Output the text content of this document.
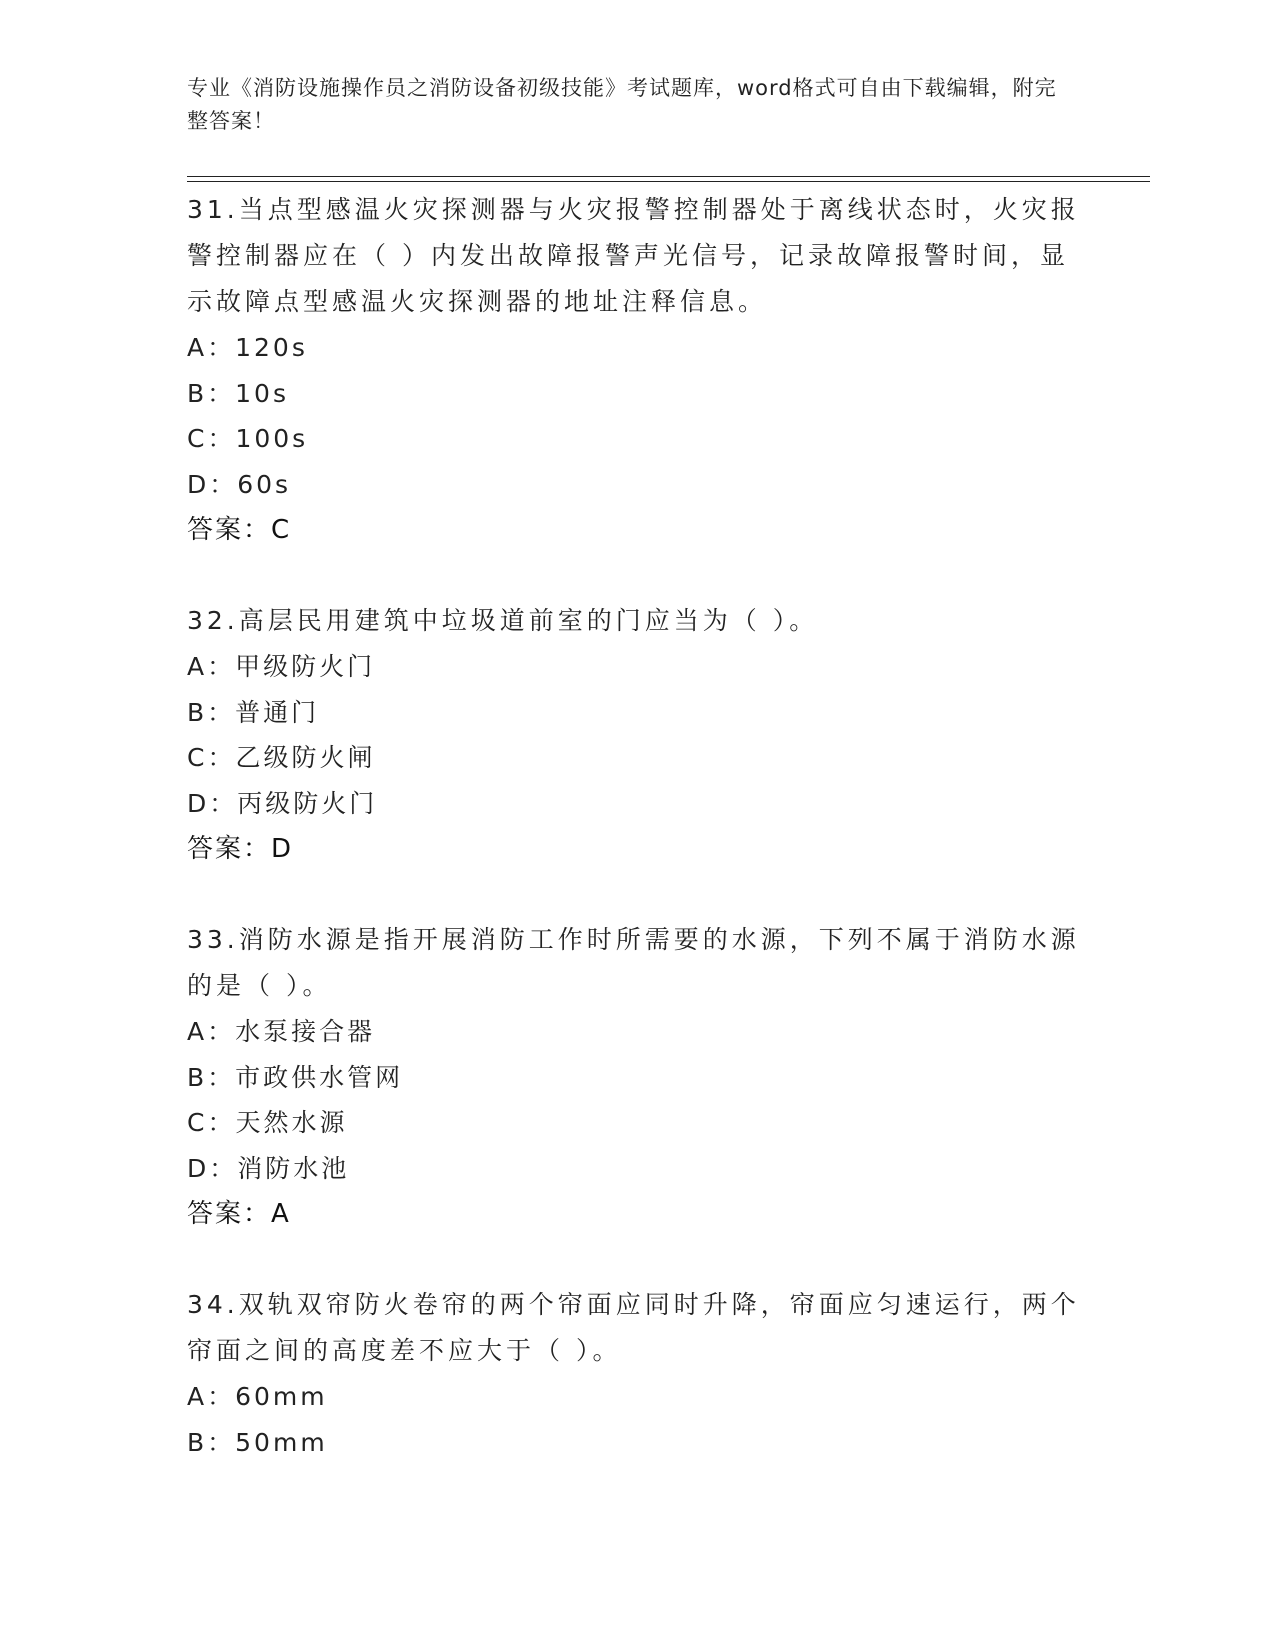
专业《消防设施操作员之消防设备初级技能》考试题库，word格式可自由下载编辑，附完整答案！
31.当点型感温火灾探测器与火灾报警控制器处于离线状态时，火灾报警控制器应在（ ）内发出故障报警声光信号，记录故障报警时间，显示故障点型感温火灾探测器的地址注释信息。
A：120s
B：10s
C：100s
D：60s
答案：C
32.高层民用建筑中垃圾道前室的门应当为（ ）。
A：甲级防火门
B：普通门
C：乙级防火闸
D：丙级防火门
答案：D
33.消防水源是指开展消防工作时所需要的水源，下列不属于消防水源的是（ ）。
A：水泵接合器
B：市政供水管网
C：天然水源
D：消防水池
答案：A
34.双轨双帘防火卷帘的两个帘面应同时升降，帘面应匀速运行，两个帘面之间的高度差不应大于（ ）。
A：60mm
B：50mm
